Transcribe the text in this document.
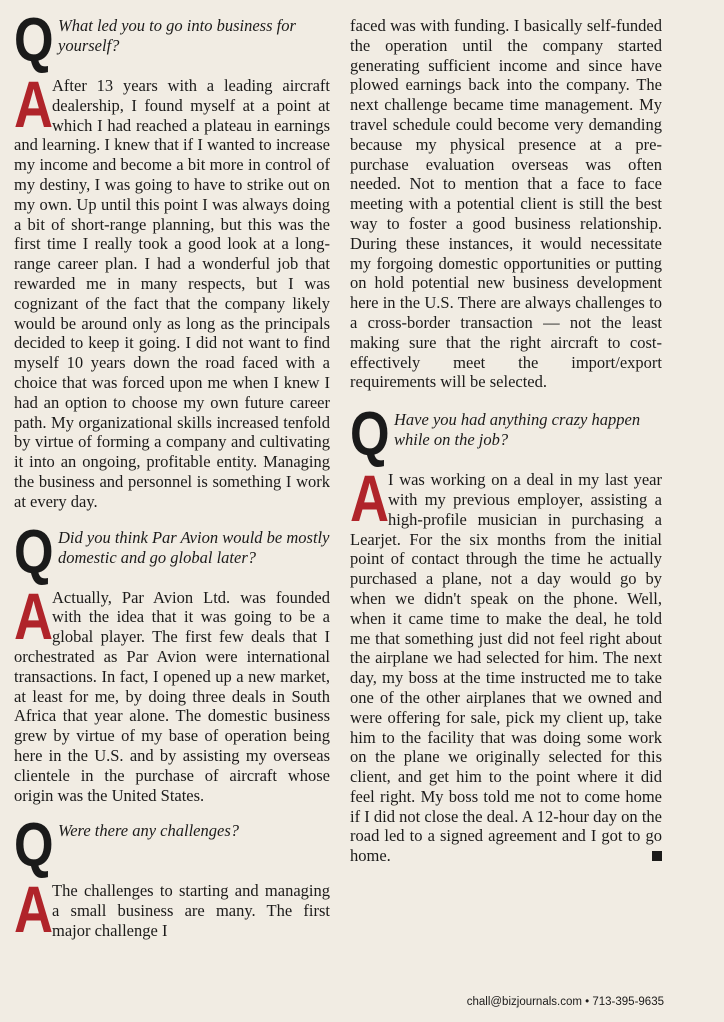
Q What led you to go into business for yourself?
A
After 13 years with a leading aircraft dealership, I found myself at a point at which I had reached a plateau in earnings and learning. I knew that if I wanted to increase my income and become a bit more in control of my destiny, I was going to have to strike out on my own. Up until this point I was always doing a bit of short-range planning, but this was the first time I really took a good look at a long-range career plan. I had a wonderful job that rewarded me in many respects, but I was cognizant of the fact that the company likely would be around only as long as the principals decided to keep it going. I did not want to find myself 10 years down the road faced with a choice that was forced upon me when I knew I had an option to choose my own future career path. My organizational skills increased tenfold by virtue of forming a company and cultivating it into an ongoing, profitable entity. Managing the business and personnel is something I work at every day.
Q Did you think Par Avion would be mostly domestic and go global later?
A
Actually, Par Avion Ltd. was founded with the idea that it was going to be a global player. The first few deals that I orchestrated as Par Avion were international transactions. In fact, I opened up a new market, at least for me, by doing three deals in South Africa that year alone. The domestic business grew by virtue of my base of operation being here in the U.S. and by assisting my overseas clientele in the purchase of aircraft whose origin was the United States.
Q Were there any challenges?
A
The challenges to starting and managing a small business are many. The first major challenge I

faced was with funding. I basically self-funded the operation until the company started generating sufficient income and since have plowed earnings back into the company. The next challenge became time management. My travel schedule could become very demanding because my physical presence at a pre-purchase evaluation overseas was often needed. Not to mention that a face to face meeting with a potential client is still the best way to foster a good business relationship. During these instances, it would necessitate my forgoing domestic opportunities or putting on hold potential new business development here in the U.S. There are always challenges to a cross-border transaction — not the least making sure that the right aircraft to cost-effectively meet the import/export requirements will be selected.

Q Have you had anything crazy happen while on the job?
A
I was working on a deal in my last year with my previous employer, assisting a high-profile musician in purchasing a Learjet. For the six months from the initial point of contact through the time he actually purchased a plane, not a day would go by when we didn't speak on the phone. Well, when it came time to make the deal, he told me that something just did not feel right about the airplane we had selected for him. The next day, my boss at the time instructed me to take one of the other airplanes that we owned and were offering for sale, pick my client up, take him to the facility that was doing some work on the plane we originally selected for this client, and get him to the point where it did feel right. My boss told me not to come home if I did not close the deal. A 12-hour day on the road led to a signed agreement and I got to go home.
chall@bizjournals.com • 713-395-9635
